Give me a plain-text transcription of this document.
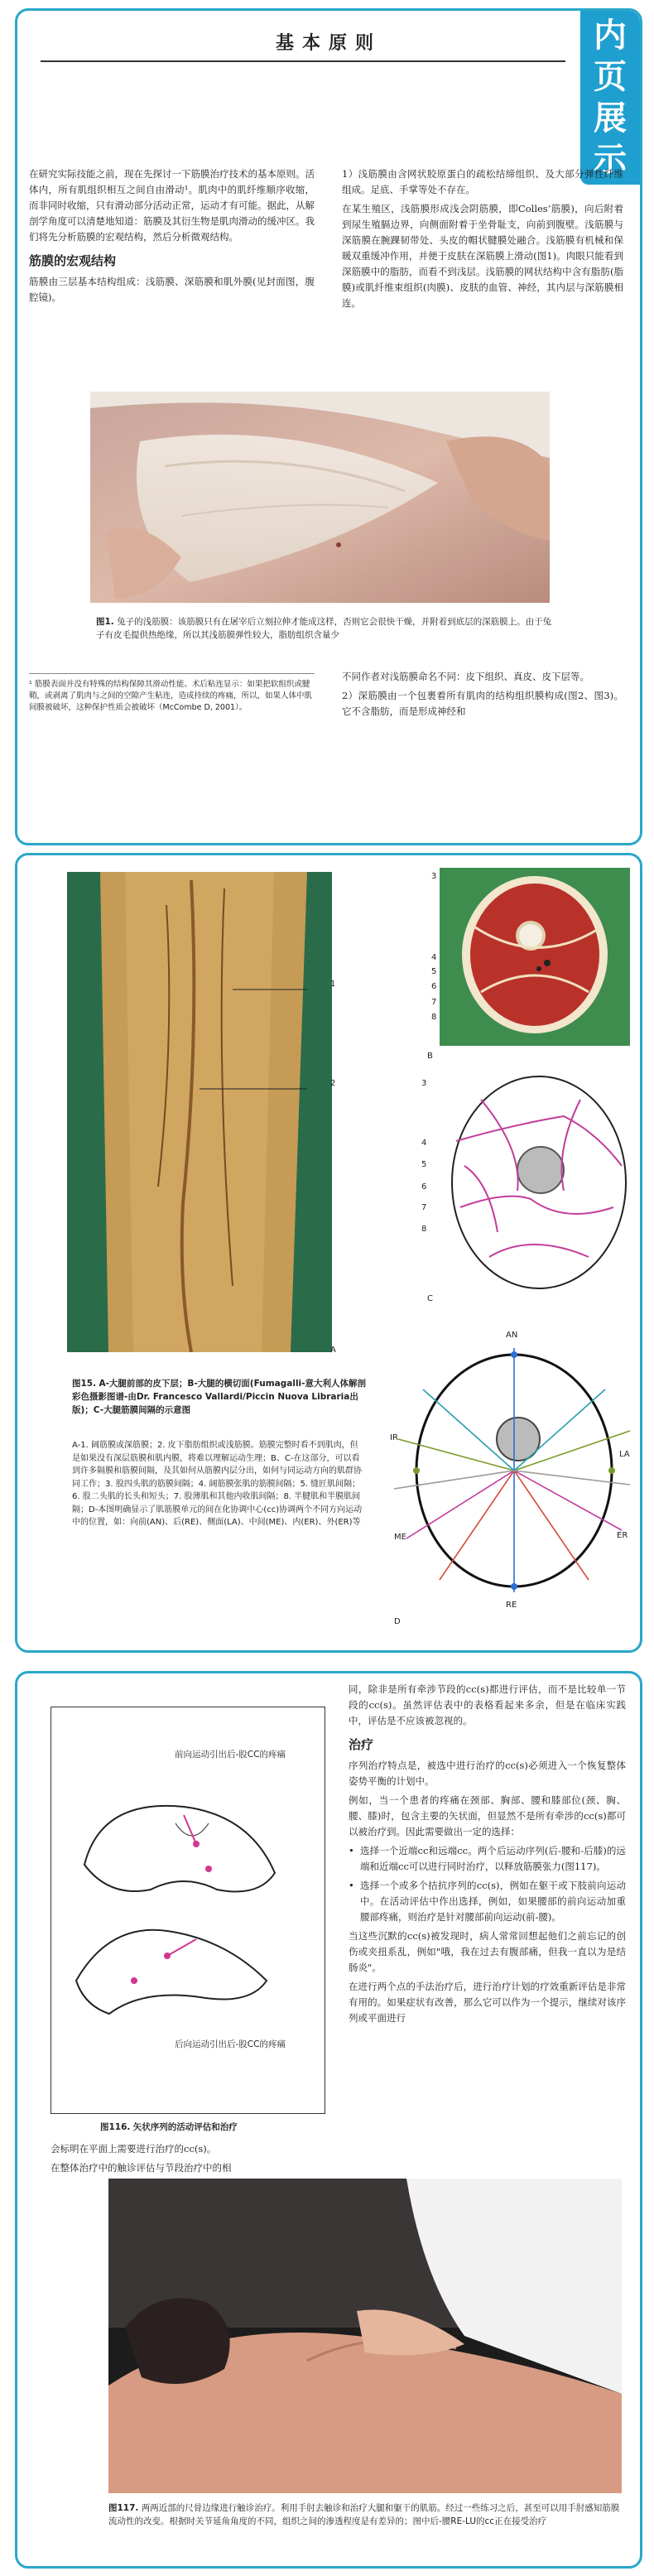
内页
展示
基本原则

在研究实际技能之前，现在先探讨一下筋膜治疗技术的基本原则。活体内，所有肌组织相互之间自由滑动¹。肌肉中的肌纤维顺序收缩，而非同时收缩，只有滑动部分活动正常，运动才有可能。据此，从解剖学角度可以清楚地知道：筋膜及其衍生物是肌肉滑动的缓冲区。我们将先分析筋膜的宏观结构，然后分析微观结构。

筋膜的宏观结构

筋膜由三层基本结构组成：浅筋膜、深筋膜和肌外膜(见封面图，腹腔镜)。

1）浅筋膜由含网状胶原蛋白的疏松结缔组织、及大部分弹性纤维组成。足底、手掌等处不存在。

在某生殖区，浅筋膜形成浅会阴筋膜，即Colles’筋膜)，向后附着到尿生殖膈边界，向侧面附着于坐骨耻支，向前到腹壁。浅筋膜与深筋膜在腕踝韧带处、头皮的帽状腱膜处融合。浅筋膜有机械和保暖双重缓冲作用，并便于皮肤在深筋膜上滑动(图1)。肉眼只能看到深筋膜中的脂肪，而看不到浅层。浅筋膜的网状结构中含有脂肪(脂膜)或肌纤维束组织(肉膜)、皮肤的血管、神经，其内层与深筋膜相连。

图1. 兔子的浅筋膜：该筋膜只有在屠宰后立刻拉伸才能成这样，否则它会很快干燥，并附着到底层的深筋膜上。由于兔子有皮毛提供热绝缘，所以其浅筋膜弹性较大，脂肪组织含量少
¹ 筋膜表面并没有特殊的结构保障其滑动性能。术后粘连显示：如果把软组织或腱鞘，或剥离了肌肉与之间的空隙产生粘连，造成持续的疼痛，所以，如果人体中肌间膜被破坏，这种保护性质会被破坏（McCombe D, 2001）。

不同作者对浅筋膜命名不同：皮下组织、真皮、皮下层等。

2）深筋膜由一个包裹着所有肌肉的结构组织膜构成(图2、图3)。它不含脂肪，而是形成神经和

1
2
A
3
4
5
6
7
8
B
3
4
5
6
7
8
C
AN
IR
LA
ME	ER
RE
D
图15. A-大腿前部的皮下层；B-大腿的横切面(Fumagalli-意大利人体解剖彩色摄影图谱-由Dr. Francesco Vallardi/Piccin Nuova Libraria出版)；C-大腿筋膜间隔的示意图
A-1. 阔筋膜或深筋膜；2. 皮下脂肪组织或浅筋膜。筋膜完整时看不到肌肉，但是如果没有深层筋膜和肌内膜，将难以理解运动生理；B、C-在这部分，可以看到许多隔膜和筋膜间隔，及其如何从筋膜内层分出，如何与同运动方向的肌群协同工作；3. 股四头肌的筋膜间隔；4. 阔筋膜张肌的筋膜间隔；5. 缝匠肌间隔；6. 股二头肌的长头和短头；7. 股薄肌和其他内收肌间隔；8. 半腱肌和半膜肌间隔；D-本图明确显示了肌筋膜单元的间在化协调中心(cc)协调两个不同方向运动中的位置，如：向前(AN)、后(RE)、侧面(LA)、中间(ME)、内(ER)、外(ER)等
前向运动引出后-股CC的疼痛
后向运动引出后-股CC的疼痛
图116. 矢状序列的活动评估和治疗

会标明在平面上需要进行治疗的cc(s)。

在整体治疗中的触诊评估与节段治疗中的相

同，除非是所有牵涉节段的cc(s)都进行评估，而不是比较单一节段的cc(s)。虽然评估表中的表格看起来多余，但是在临床实践中，评估是不应该被忽视的。

治疗

序列治疗特点是，被选中进行治疗的cc(s)必须进入一个恢复整体姿势平衡的计划中。

例如，当一个患者的疼痛在颈部、胸部、腰和膝部位(颈、胸、腰、膝)时，包含主要的矢状面，但显然不是所有牵涉的cc(s)都可以被治疗到。因此需要做出一定的选择：

• 选择一个近端cc和远端cc。两个后运动序列(后-腰和-后膝)的远端和近端cc可以进行同时治疗，以释放筋膜张力(图117)。
• 选择一个或多个拮抗序列的cc(s)，例如在躯干或下肢前向运动中。在活动评估中作出选择，例如，如果腰部的前向运动加重腰部疼痛，则治疗是针对腰部前向运动(前-腰)。

当这些沉默的cc(s)被发现时，病人常常回想起他们之前忘记的创伤或夹扭系乱，例如"哦，我在过去有腹部痛，但我一直以为是结肠炎"。

在进行两个点的手法治疗后，进行治疗计划的疗效重新评估是非常有用的。如果症状有改善，那么它可以作为一个提示，继续对该序列或平面进行

图117. 两两近部的尺骨边缘进行触诊治疗。利用手肘去触诊和治疗大腿和躯干的肌筋。经过一些练习之后，甚至可以用手肘感知筋膜流动性的改变。根据时关节延角角度的不同，组织之间的渗透程度是有差异的；图中后-腰RE-LU的cc正在接受治疗
